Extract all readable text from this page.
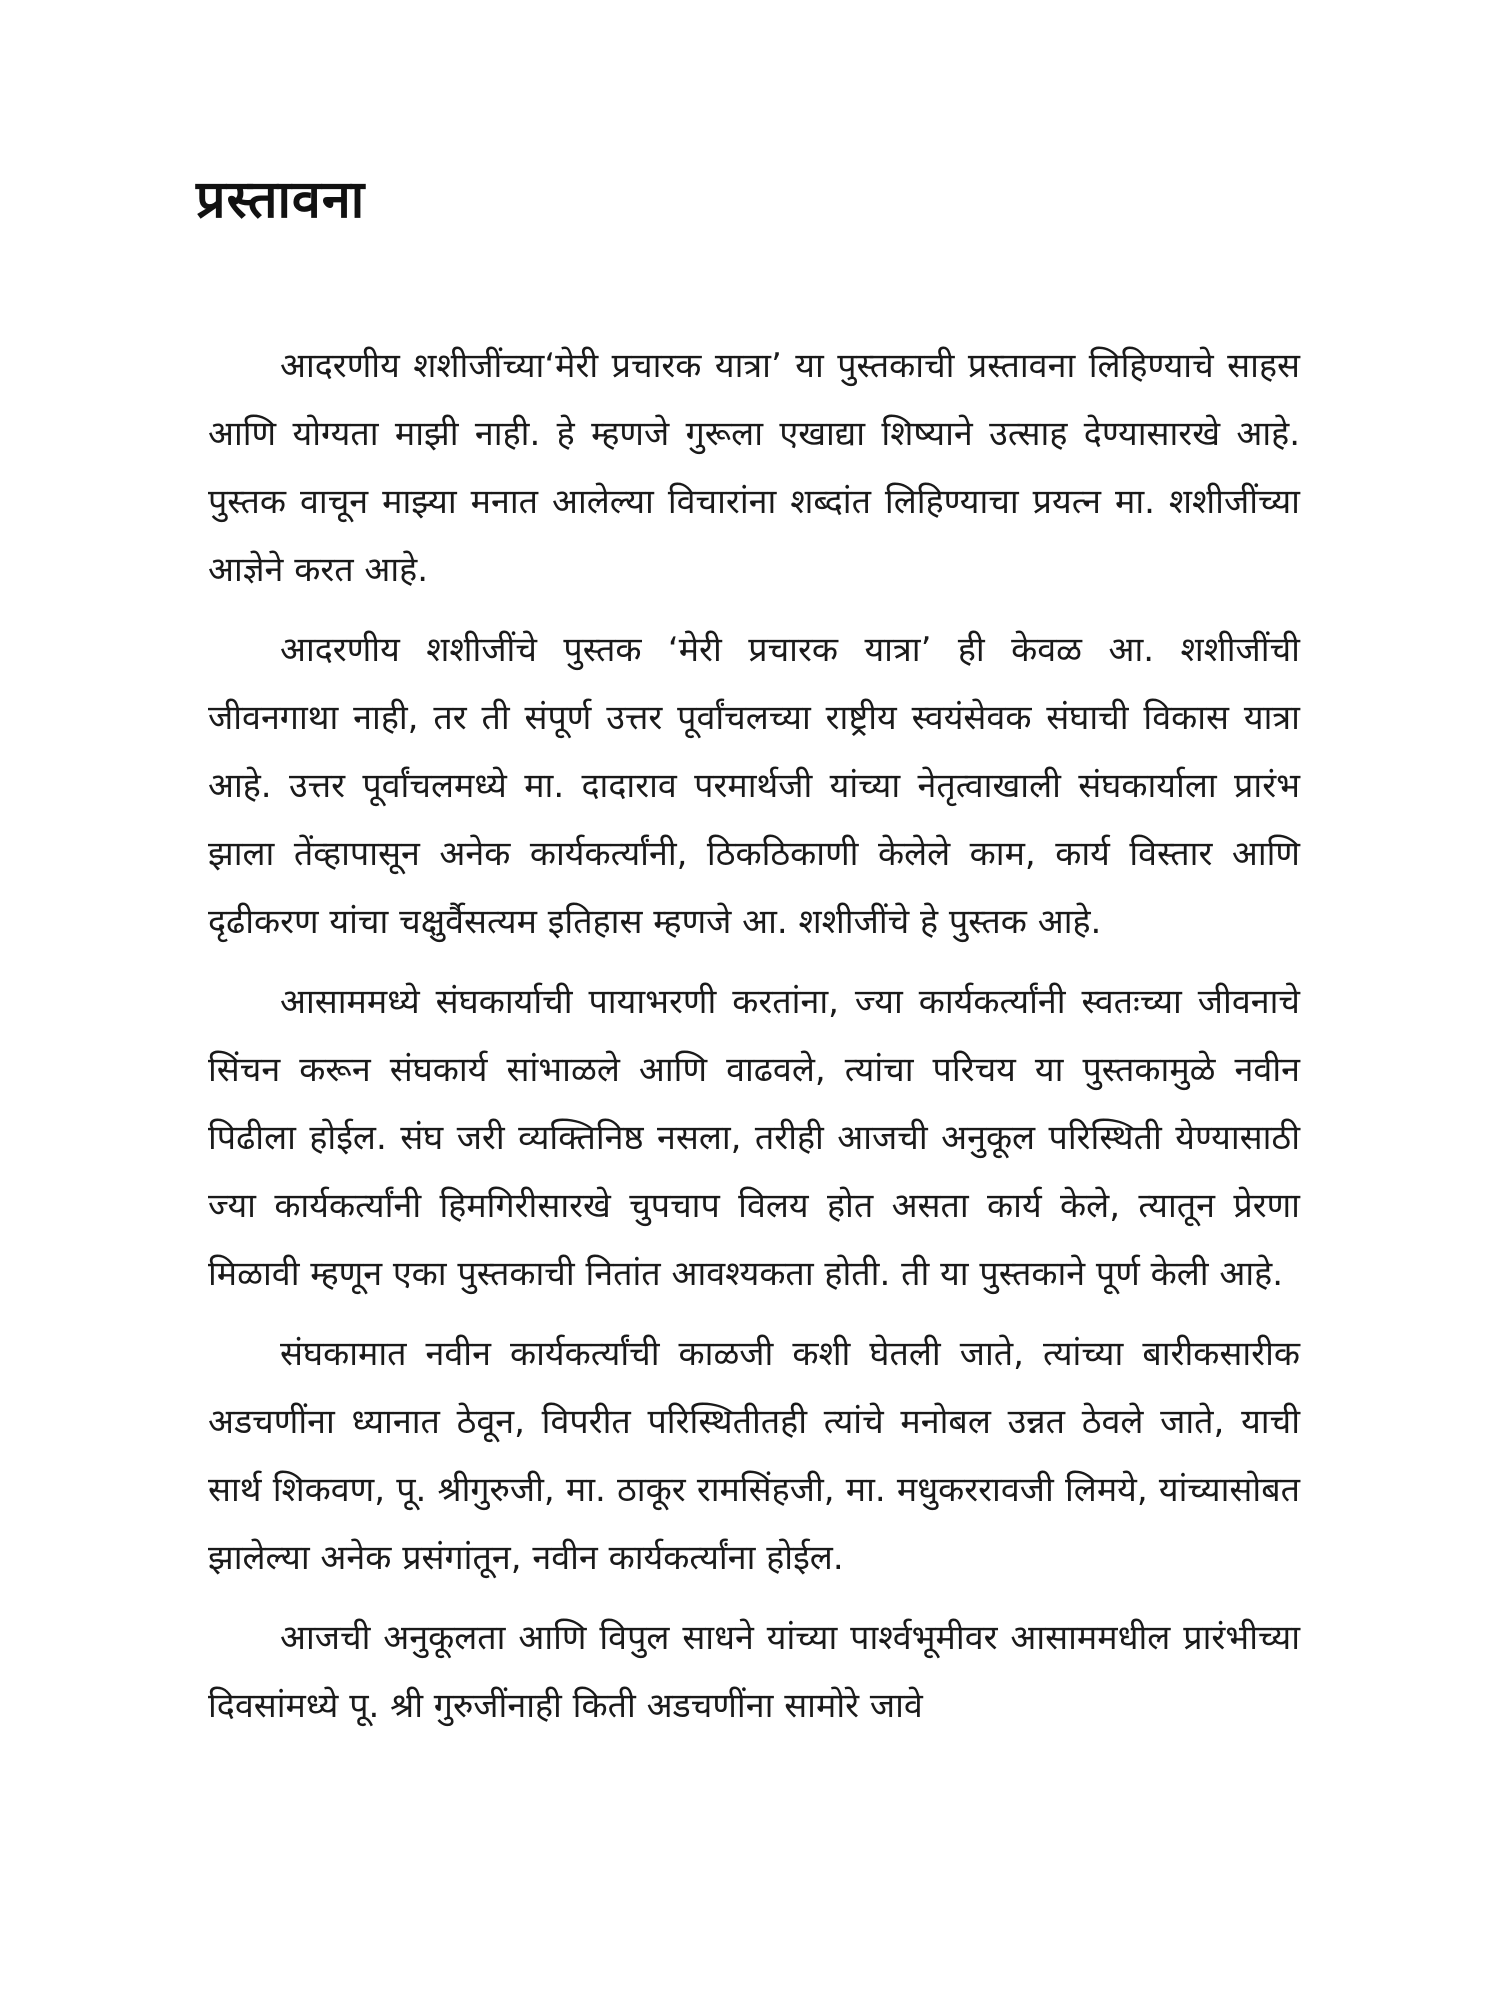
प्रस्तावना

आदरणीय शशीजींच्या‘मेरी प्रचारक यात्रा’ या पुस्तकाची प्रस्तावना लिहिण्याचे साहस आणि योग्यता माझी नाही. हे म्हणजे गुरूला एखाद्या शिष्याने उत्साह देण्यासारखे आहे. पुस्तक वाचून माझ्या मनात आलेल्या विचारांना शब्दांत लिहिण्याचा प्रयत्न मा. शशीजींच्या आज्ञेने करत आहे.

आदरणीय शशीजींचे पुस्तक ‘मेरी प्रचारक यात्रा’ ही केवळ आ. शशीजींची जीवनगाथा नाही, तर ती संपूर्ण उत्तर पूर्वांचलच्या राष्ट्रीय स्वयंसेवक संघाची विकास यात्रा आहे. उत्तर पूर्वांचलमध्ये मा. दादाराव परमार्थजी यांच्या नेतृत्वाखाली संघकार्याला प्रारंभ झाला तेंव्हापासून अनेक कार्यकर्त्यांनी, ठिकठिकाणी केलेले काम, कार्य विस्तार आणि दृढीकरण यांचा चक्षुर्वैसत्यम इतिहास म्हणजे आ. शशीजींचे हे पुस्तक आहे.

आसाममध्ये संघकार्याची पायाभरणी करतांना, ज्या कार्यकर्त्यांनी स्वतःच्या जीवनाचे सिंचन करून संघकार्य सांभाळले आणि वाढवले, त्यांचा परिचय या पुस्तकामुळे नवीन पिढीला होईल. संघ जरी व्यक्तिनिष्ठ नसला, तरीही आजची अनुकूल परिस्थिती येण्यासाठी ज्या कार्यकर्त्यांनी हिमगिरीसारखे चुपचाप विलय होत असता कार्य केले, त्यातून प्रेरणा मिळावी म्हणून एका पुस्तकाची नितांत आवश्यकता होती. ती या पुस्तकाने पूर्ण केली आहे.

संघकामात नवीन कार्यकर्त्यांची काळजी कशी घेतली जाते, त्यांच्या बारीकसारीक अडचणींना ध्यानात ठेवून, विपरीत परिस्थितीतही त्यांचे मनोबल उन्नत ठेवले जाते, याची सार्थ शिकवण, पू. श्रीगुरुजी, मा. ठाकूर रामसिंहजी, मा. मधुकररावजी लिमये, यांच्यासोबत झालेल्या अनेक प्रसंगांतून, नवीन कार्यकर्त्यांना होईल.

आजची अनुकूलता आणि विपुल साधने यांच्या पार्श्वभूमीवर आसाममधील प्रारंभीच्या दिवसांमध्ये पू. श्री गुरुजींनाही किती अडचणींना सामोरे जावे
